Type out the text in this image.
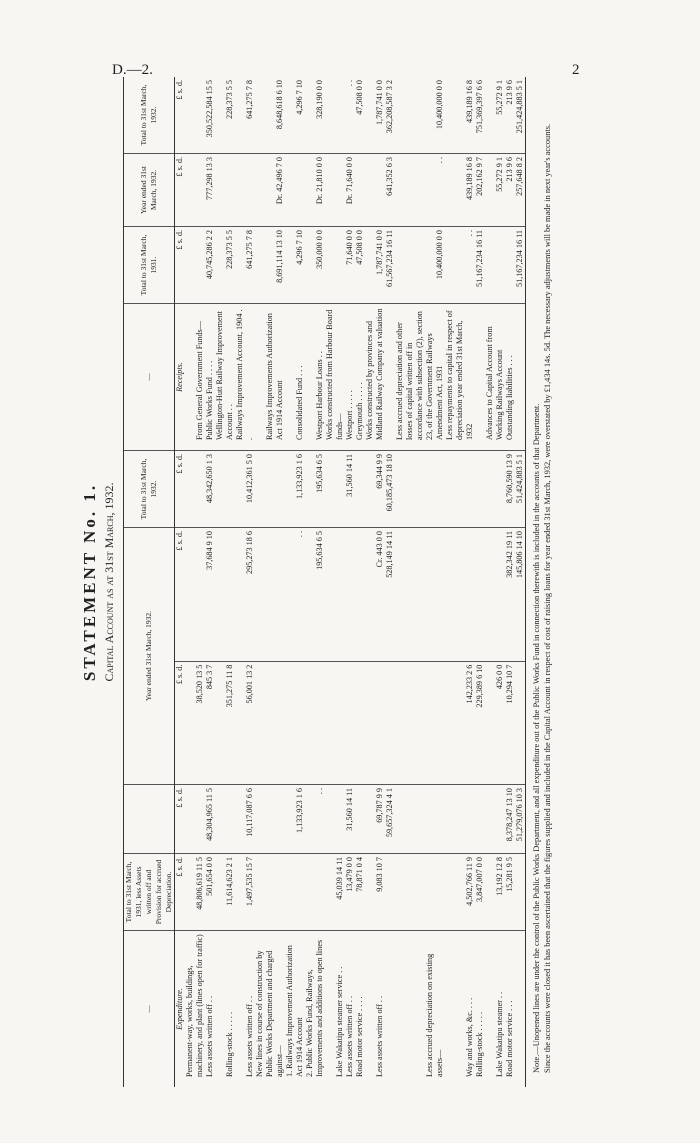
D.—2.	2
STATEMENT No. 1. Capital Account as at 31st March, 1932.
—	Total to 31st March, 1931, less Assets written off and Provision for accrued Depreciation.		Year ended 31st March, 1932.		Total to 31st March, 1932.	—	Total to 31st March, 1931.	Year ended 31st March, 1932.	Total to 31st March, 1932.
Expenditure.	£ s. d.	£ s. d.	£ s. d.	£ s. d.	£ s. d.	Receipts.	£ s. d.	£ s. d.	£ s. d.
Permanent-way, works, buildings, machinery, and plant (lines open for traffic)	48,806,619 11 5		38,520 13 5			From General Government Funds—			
Less assets written off . .	501,654 0 0	48,304,965 11 5	845 3 7	37,684 9 10	48,342,650 1 3	Public Works Fund . . . .	40,745,286 2 2	777,298 13 3	350,522,584 15 5
Rolling-stock . . . . .	11,614,623 2 1		351,275 11 8			Wellington-Hutt Railway Improvement Account . .	228,373 5 5		228,373 5 5
Less assets written off . .	1,497,535 15 7	10,117,087 6 6	56,001 13 2	295,273 18 6	10,412,361 5 0	Railways Improvement Account, 1904 . .	641,275 7 8		641,275 7 8
New lines in course of construction by Public Works Department and charged against—						Railways Improvements Authorization Act 1914 Account	8,691,114 13 10	Dr. 42,496 7 0	8,648,618 6 10
1. Railways Improvement Authorization Act 1914 Account		1,133,923 1 6		. .	1,133,923 1 6	Consolidated Fund . . .	4,296 7 10		4,296 7 10
2. Public Works Fund, Railways, Improvements and additions to open lines		. .		195,634 6 5	195,634 6 5	Westport Harbour Loans . .	350,000 0 0	Dr. 21,810 0 0	328,190 0 0
Lake Wakatipu steamer service . .	45,039 14 11					Works constructed from Harbour Board funds—			
Less assets written off . .	13,479 0 0	31,560 14 11			31,560 14 11	Westport . . . . .	71,640 0 0	Dr. 71,640 0 0	. .
Road motor service . . . .	78,871 0 4					Greymouth . . . . .	47,508 0 0		47,508 0 0
Less assets written off . .	9,083 10 7	69,787 9 9		Cr. 443 0 0	69,344 9 9	Works constructed by provinces and Midland Railway Company at valuation	1,787,741 0 0		1,787,741 0 0
		59,657,324 4 1		528,149 14 11	60,185,473 18 10		61,567,234 16 11	641,352 6 3	362,208,587 3 2
Less accrued depreciation on existing assets—						Less accrued depreciation and other losses of capital written off in accordance with subsection (2), section 23, of the Government Railways Amendment Act, 1931	10,400,000 0 0	. .	10,400,000 0 0
Way and works, &c. . . .	4,502,766 11 9		142,233 2 6			Less repayments to capital in respect of depreciation year ended 31st March, 1932	. .	439,189 16 8	439,189 16 8
Rolling-stock . . . . .	3,847,007 0 0		229,389 6 10				51,167,234 16 11	202,162 9 7	751,369,397 6 6
Lake Wakatipu steamer . .	13,192 12 8		426 0 0			Advances to Capital Account from Working Railways Account		55,272 9 1	55,272 9 1
Road motor service . . .	15,281 9 5	8,378,247 13 10	10,294 10 7	382,342 19 11	8,760,590 13 9	Outstanding liabilities . . .		213 9 6	213 9 6
		51,279,076 10 3		145,806 14 10	51,424,883 5 1		51,167,234 16 11	257,648 8 2	251,424,883 5 1

Note.—Unopened lines are under the control of the Public Works Department, and all expenditure out of the Public Works Fund in connection therewith is included in the accounts of that Department. Since the accounts were closed it has been ascertained that the figures supplied and included in the Capital Account in respect of cost of raising loans for year ended 31st March, 1932, were overstated by £1,434 14s. 5d. The necessary adjustments will be made in next year's accounts.
